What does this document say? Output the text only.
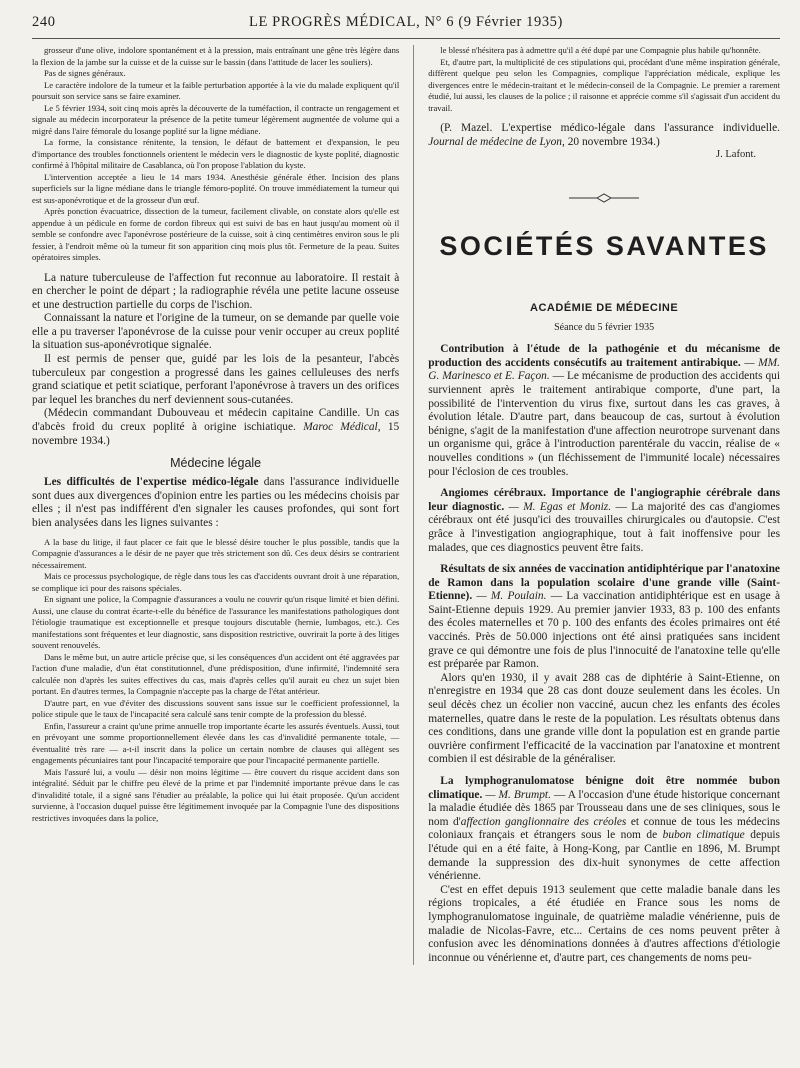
240	LE PROGRÈS MÉDICAL, N° 6 (9 Février 1935)

grosseur d'une olive, indolore spontanément et à la pression, mais entraînant une gêne très légère dans la flexion de la jambe sur la cuisse et de la cuisse sur le bassin (dans l'attitude de lacer les souliers).

Pas de signes généraux.

Le caractère indolore de la tumeur et la faible perturbation apportée à la vie du malade expliquent qu'il poursuit son service sans se faire examiner.

Le 5 février 1934, soit cinq mois après la découverte de la tuméfaction, il contracte un rengagement et signale au médecin incorporateur la présence de la petite tumeur légèrement augmentée de volume qui a migré dans l'aire fémorale du losange poplité sur la ligne médiane.

La forme, la consistance rénitente, la tension, le défaut de battement et d'expansion, le peu d'importance des troubles fonctionnels orientent le médecin vers le diagnostic de kyste poplité, diagnostic confirmé à l'hôpital militaire de Casablanca, où l'on propose l'ablation du kyste.

L'intervention acceptée a lieu le 14 mars 1934. Anesthésie générale éther. Incision des plans superficiels sur la ligne médiane dans le triangle fémoro-poplité. On trouve immédiatement la tumeur qui est sus-aponévrotique et de la grosseur d'un œuf.

Après ponction évacuatrice, dissection de la tumeur, facilement clivable, on constate alors qu'elle est appendue à un pédicule en forme de cordon fibreux qui est suivi de bas en haut jusqu'au moment où il semble se confondre avec l'aponévrose postérieure de la cuisse, soit à cinq centimètres environ sous le pli fessier, à l'endroit même où la tumeur fit son apparition cinq mois plus tôt. Fermeture de la peau. Suites opératoires simples.

La nature tuberculeuse de l'affection fut reconnue au laboratoire. Il restait à en chercher le point de départ ; la radiographie révéla une petite lacune osseuse et une destruction partielle du corps de l'ischion.

Connaissant la nature et l'origine de la tumeur, on se demande par quelle voie elle a pu traverser l'aponévrose de la cuisse pour venir occuper au creux poplité la situation sus-aponévrotique signalée.

Il est permis de penser que, guidé par les lois de la pesanteur, l'abcès tuberculeux par congestion a progressé dans les gaines celluleuses des nerfs grand sciatique et petit sciatique, perforant l'aponévrose à travers un des orifices par lequel les branches du nerf deviennent sous-cutanées.

(Médecin commandant Dubouveau et médecin capitaine Candille. Un cas d'abcès froid du creux poplité à origine ischiatique. Maroc Médical, 15 novembre 1934.)

Médecine légale

Les difficultés de l'expertise médico-légale dans l'assurance individuelle sont dues aux divergences d'opinion entre les parties ou les médecins choisis par elles ; il n'est pas indifférent d'en signaler les causes profondes, qui sont fort bien analysées dans les lignes suivantes :

A la base du litige, il faut placer ce fait que le blessé désire toucher le plus possible, tandis que la Compagnie d'assurances a le désir de ne payer que très strictement son dû. Ces deux désirs se contrarient nécessairement.

Mais ce processus psychologique, de règle dans tous les cas d'accidents ouvrant droit à une réparation, se complique ici pour des raisons spéciales.

En signant une police, la Compagnie d'assurances a voulu ne couvrir qu'un risque limité et bien défini. Aussi, une clause du contrat écarte-t-elle du bénéfice de l'assurance les manifestations pathologiques dont l'étiologie traumatique est exceptionnelle et presque toujours discutable (hernie, lumbagos, etc.). Ces manifestations sont fréquentes et leur diagnostic, sans disposition restrictive, ouvrirait la porte à des litiges souvent renouvelés.

Dans le même but, un autre article précise que, si les conséquences d'un accident ont été aggravées par l'action d'une maladie, d'un état constitutionnel, d'une prédisposition, d'une infirmité, l'indemnité sera calculée non d'après les suites effectives du cas, mais d'après celles qu'il aurait eu chez un sujet bien portant. En d'autres termes, la Compagnie n'accepte pas la charge de l'état antérieur.

D'autre part, en vue d'éviter des discussions souvent sans issue sur le coefficient professionnel, la police stipule que le taux de l'incapacité sera calculé sans tenir compte de la profession du blessé.

Enfin, l'assureur a craint qu'une prime annuelle trop importante écarte les assurés éventuels. Aussi, tout en prévoyant une somme proportionnellement élevée dans les cas d'invalidité permanente totale, — éventualité très rare — a-t-il inscrit dans la police un certain nombre de clauses qui allègent ses engagements pécuniaires tant pour l'incapacité temporaire que pour l'incapacité permanente partielle.

Mais l'assuré lui, a voulu — désir non moins légitime — être couvert du risque accident dans son intégralité. Séduit par le chiffre peu élevé de la prime et par l'indemnité importante prévue dans le cas d'invalidité totale, il a signé sans l'étudier au préalable, la police qui lui était proposée. Qu'un accident survienne, à l'occasion duquel puisse être légitimement invoquée par la Compagnie l'une des dispositions restrictives invoquées dans la police,

le blessé n'hésitera pas à admettre qu'il a été dupé par une Compagnie plus habile qu'honnête.

Et, d'autre part, la multiplicité de ces stipulations qui, procédant d'une même inspiration générale, diffèrent quelque peu selon les Compagnies, complique l'appréciation médicale, explique les divergences entre le médecin-traitant et le médecin-conseil de la Compagnie. Le premier a rarement étudié, lui aussi, les clauses de la police ; il raisonne et apprécie comme s'il s'agissait d'un accident du travail.

(P. Mazel. L'expertise médico-légale dans l'assurance individuelle. Journal de médecine de Lyon, 20 novembre 1934.)

J. Lafont.
SOCIÉTÉS SAVANTES
ACADÉMIE DE MÉDECINE
Séance du 5 février 1935

Contribution à l'étude de la pathogénie et du mécanisme de production des accidents consécutifs au traitement antirabique. — MM. G. Marinesco et E. Façon. — Le mécanisme de production des accidents qui surviennent après le traitement antirabique comporte, d'une part, la possibilité de l'intervention du virus fixe, surtout dans les cas graves, à évolution létale. D'autre part, dans beaucoup de cas, surtout à évolution bénigne, s'agit de la manifestation d'une affection neurotrope survenant dans un organisme qui, grâce à l'introduction parentérale du vaccin, réalise de « nouvelles conditions » (un fléchissement de l'immunité locale) nécessaires pour l'éclosion de ces troubles.

Angiomes cérébraux. Importance de l'angiographie cérébrale dans leur diagnostic. — M. Egas et Moniz. — La majorité des cas d'angiomes cérébraux ont été jusqu'ici des trouvailles chirurgicales ou d'autopsie. C'est grâce à l'investigation angiographique, tout à fait inoffensive pour les malades, que ces diagnostics peuvent être faits.

Résultats de six années de vaccination antidiphtérique par l'anatoxine de Ramon dans la population scolaire d'une grande ville (Saint-Etienne). — M. Poulain. — La vaccination antidiphtérique est en usage à Saint-Etienne depuis 1929. Au premier janvier 1933, 83 p. 100 des enfants des écoles maternelles et 70 p. 100 des enfants des écoles primaires ont été vaccinés. Près de 50.000 injections ont été ainsi pratiquées sans incident grave ce qui démontre une fois de plus l'innocuité de l'anatoxine telle qu'elle est préparée par Ramon.

Alors qu'en 1930, il y avait 288 cas de diphtérie à Saint-Etienne, on n'enregistre en 1934 que 28 cas dont douze seulement dans les écoles. Un seul décès chez un écolier non vacciné, aucun chez les enfants des écoles maternelles, quatre dans le reste de la population. Les résultats obtenus dans ces conditions, dans une grande ville dont la population est en grande partie ouvrière confirment l'efficacité de la vaccination par l'anatoxine et montrent combien il est désirable de la généraliser.

La lymphogranulomatose bénigne doit être nommée bubon climatique. — M. Brumpt. — A l'occasion d'une étude historique concernant la maladie étudiée dès 1865 par Trousseau dans une de ses cliniques, sous le nom d'affection ganglionnaire des créoles et connue de tous les médecins coloniaux français et étrangers sous le nom de bubon climatique depuis l'étude qui en a été faite, à Hong-Kong, par Cantlie en 1896, M. Brumpt demande la suppression des dix-huit synonymes de cette affection vénérienne.

C'est en effet depuis 1913 seulement que cette maladie banale dans les régions tropicales, a été étudiée en France sous les noms de lymphogranulomatose inguinale, de quatrième maladie vénérienne, puis de maladie de Nicolas-Favre, etc... Certains de ces noms peuvent prêter à confusion avec les dénominations données à d'autres affections d'étiologie inconnue ou vénérienne et, d'autre part, ces changements de noms peu-
